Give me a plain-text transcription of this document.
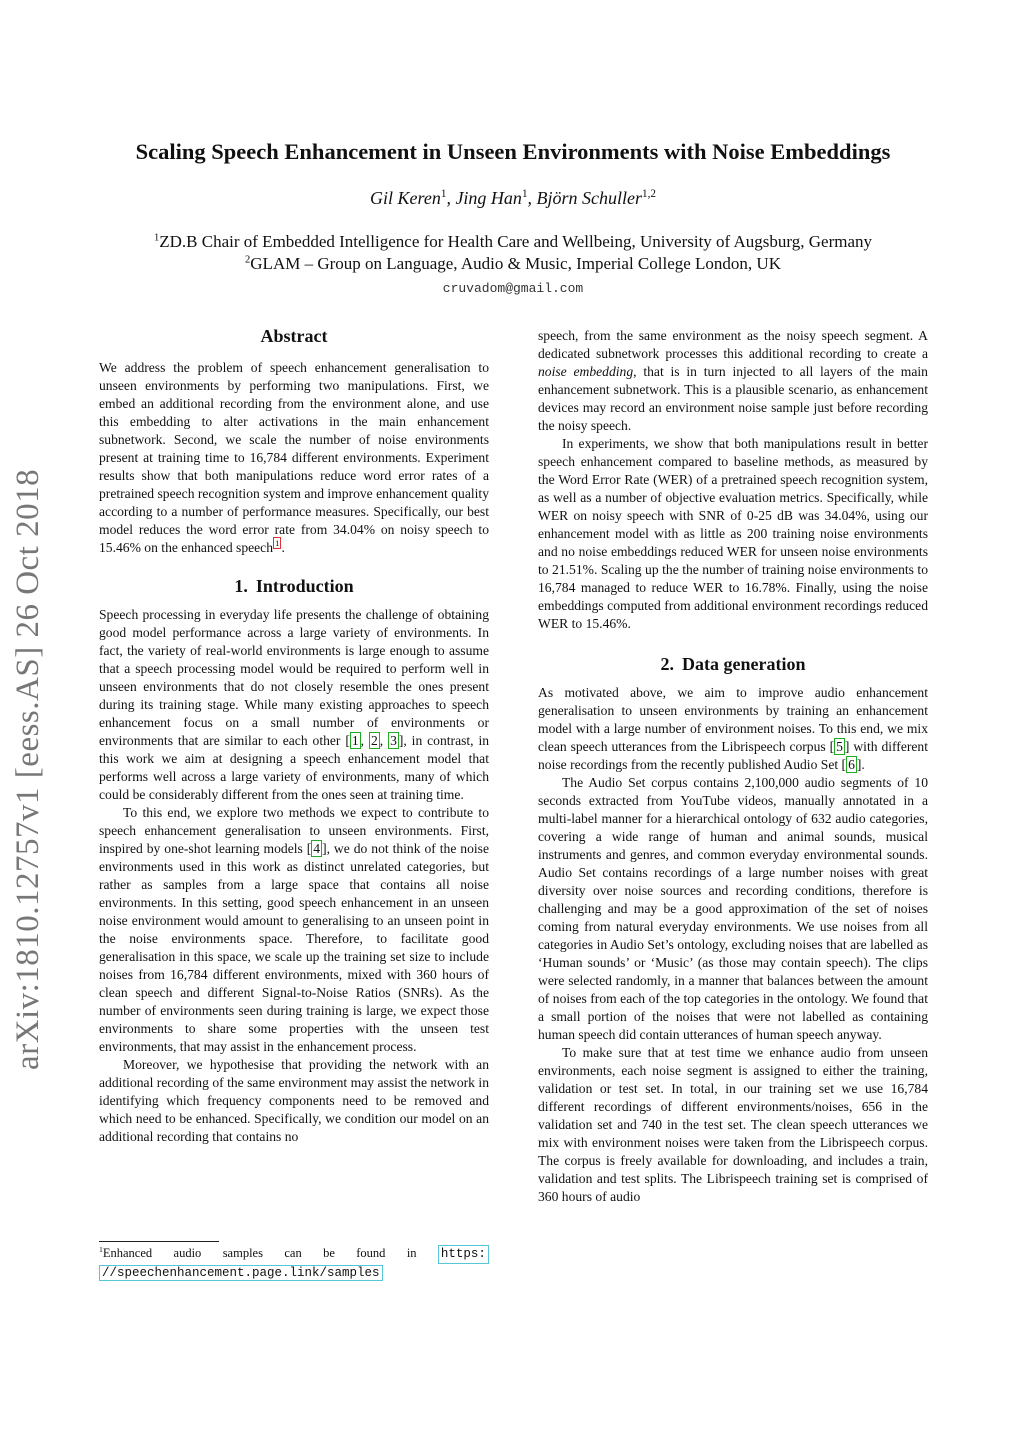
arXiv:1810.12757v1 [eess.AS] 26 Oct 2018
Scaling Speech Enhancement in Unseen Environments with Noise Embeddings
Gil Keren$^1$, Jing Han$^1$, Björn Schuller$^{1,2}$
$^1$ZD.B Chair of Embedded Intelligence for Health Care and Wellbeing, University of Augsburg, Germany
$^2$GLAM – Group on Language, Audio & Music, Imperial College London, UK
cruvadom@gmail.com
Abstract

We address the problem of speech enhancement generalisation to unseen environments by performing two manipulations. First, we embed an additional recording from the environment alone, and use this embedding to alter activations in the main enhancement subnetwork. Second, we scale the number of noise environments present at training time to 16,784 different environments. Experiment results show that both manipulations reduce word error rates of a pretrained speech recognition system and improve enhancement quality according to a number of performance measures. Specifically, our best model reduces the word error rate from 34.04% on noisy speech to 15.46% on the enhanced speech $^1$ .

1. Introduction

Speech processing in everyday life presents the challenge of obtaining good model performance across a large variety of environments. In fact, the variety of real-world environments is large enough to assume that a speech processing model would be required to perform well in unseen environments that do not closely resemble the ones present during its training stage. While many existing approaches to speech enhancement focus on a small number of environments or environments that are similar to each other [ 1 , 2 , 3 ], in contrast, in this work we aim at designing a speech enhancement model that performs well across a large variety of environments, many of which could be considerably different from the ones seen at training time.

To this end, we explore two methods we expect to contribute to speech enhancement generalisation to unseen environments. First, inspired by one-shot learning models [ 4 ], we do not think of the noise environments used in this work as distinct unrelated categories, but rather as samples from a large space that contains all noise environments. In this setting, good speech enhancement in an unseen noise environment would amount to generalising to an unseen point in the noise environments space. Therefore, to facilitate good generalisation in this space, we scale up the training set size to include noises from 16,784 different environments, mixed with 360 hours of clean speech and different Signal-to-Noise Ratios (SNRs). As the number of environments seen during training is large, we expect those environments to share some properties with the unseen test environments, that may assist in the enhancement process.

Moreover, we hypothesise that providing the network with an additional recording of the same environment may assist the network in identifying which frequency components need to be removed and which need to be enhanced. Specifically, we condition our model on an additional recording that contains no

$^1$Enhanced audio samples can be found in https:
//speechenhancement.page.link/samples

speech, from the same environment as the noisy speech segment. A dedicated subnetwork processes this additional recording to create a noise embedding, that is in turn injected to all layers of the main enhancement subnetwork. This is a plausible scenario, as enhancement devices may record an environment noise sample just before recording the noisy speech.

In experiments, we show that both manipulations result in better speech enhancement compared to baseline methods, as measured by the Word Error Rate (WER) of a pretrained speech recognition system, as well as a number of objective evaluation metrics. Specifically, while WER on noisy speech with SNR of 0-25 dB was 34.04%, using our enhancement model with as little as 200 training noise environments and no noise embeddings reduced WER for unseen noise environments to 21.51%. Scaling up the the number of training noise environments to 16,784 managed to reduce WER to 16.78%. Finally, using the noise embeddings computed from additional environment recordings reduced WER to 15.46%.

2. Data generation

As motivated above, we aim to improve audio enhancement generalisation to unseen environments by training an enhancement model with a large number of environment noises. To this end, we mix clean speech utterances from the Librispeech corpus [ 5 ] with different noise recordings from the recently published Audio Set [ 6 ].

The Audio Set corpus contains 2,100,000 audio segments of 10 seconds extracted from YouTube videos, manually annotated in a multi-label manner for a hierarchical ontology of 632 audio categories, covering a wide range of human and animal sounds, musical instruments and genres, and common everyday environmental sounds. Audio Set contains recordings of a large number noises with great diversity over noise sources and recording conditions, therefore is challenging and may be a good approximation of the set of noises coming from natural everyday environments. We use noises from all categories in Audio Set’s ontology, excluding noises that are labelled as ‘Human sounds’ or ‘Music’ (as those may contain speech). The clips were selected randomly, in a manner that balances between the amount of noises from each of the top categories in the ontology. We found that a small portion of the noises that were not labelled as containing human speech did contain utterances of human speech anyway.

To make sure that at test time we enhance audio from unseen environments, each noise segment is assigned to either the training, validation or test set. In total, in our training set we use 16,784 different recordings of different environments/noises, 656 in the validation set and 740 in the test set. The clean speech utterances we mix with environment noises were taken from the Librispeech corpus. The corpus is freely available for downloading, and includes a train, validation and test splits. The Librispeech training set is comprised of 360 hours of audio
